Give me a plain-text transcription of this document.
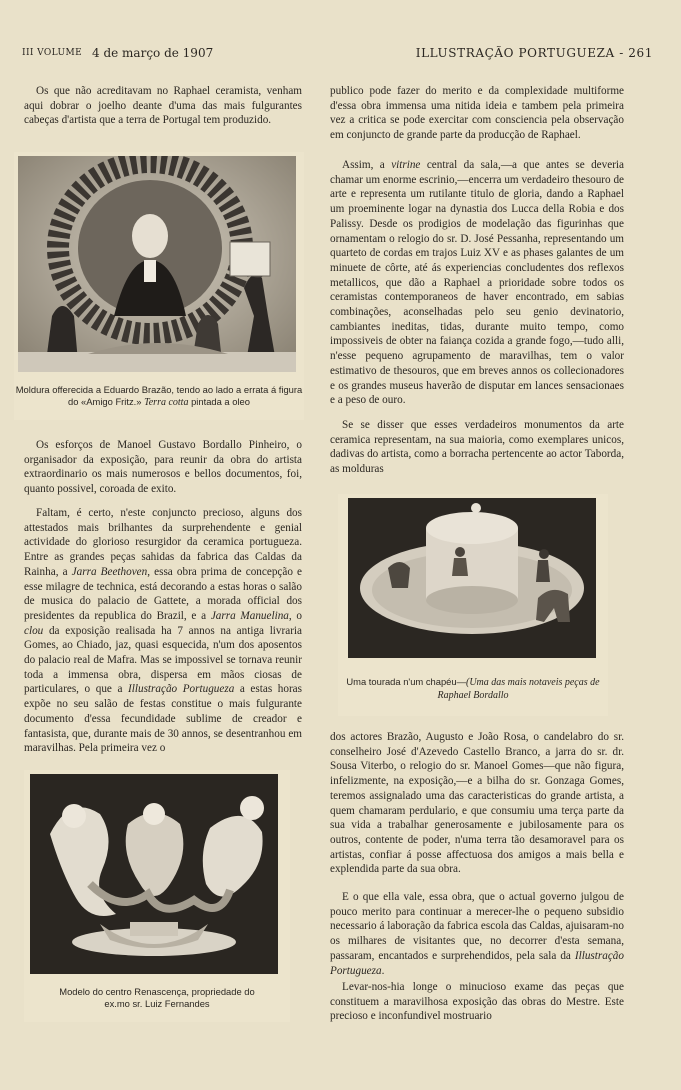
III VOLUME 4 de março de 1907	ILLUSTRAÇÃO PORTUGUEZA - 261

Os que não acreditavam no Raphael ceramista, venham aqui dobrar o joelho deante d'uma das mais fulgurantes cabeças d'artista que a terra de Portugal tem produzido.

Moldura offerecida a Eduardo Brazão, tendo ao lado a errata á figura do «Amigo Fritz.» Terra cotta pintada a oleo

Os esforços de Manoel Gustavo Bordallo Pinheiro, o organisador da exposição, para reunir da obra do artista extraordinario os mais numerosos e bellos documentos, foi, quanto possivel, coroada de exito.

Faltam, é certo, n'este conjuncto precioso, alguns dos attestados mais brilhantes da surprehendente e genial actividade do glorioso resurgidor da ceramica portugueza. Entre as grandes peças sahidas da fabrica das Caldas da Rainha, a Jarra Beethoven, essa obra prima de concepção e esse milagre de technica, está decorando a estas horas o salão de musica do palacio de Gattete, a morada official dos presidentes da republica do Brazil, e a Jarra Manuelina, o clou da exposição realisada ha 7 annos na antiga livraria Gomes, ao Chiado, jaz, quasi esquecida, n'um dos aposentos do palacio real de Mafra. Mas se impossivel se tornava reunir toda a immensa obra, dispersa em mãos ciosas de particulares, o que a Illustração Portugueza a estas horas expõe no seu salão de festas constitue o mais fulgurante documento d'essa fecundidade sublime de creador e fantasista, que, durante mais de 30 annos, se desentranhou em maravilhas. Pela primeira vez o

Modelo do centro Renascença, propriedade do
ex.mo sr. Luiz Fernandes

publico pode fazer do merito e da complexidade multiforme d'essa obra immensa uma nitida ideia e tambem pela primeira vez a critica se pode exercitar com consciencia pela observação em conjuncto de grande parte da producção de Raphael.

Assim, a vitrine central da sala,—a que antes se deveria chamar um enorme escrinio,—encerra um verdadeiro thesouro de arte e representa um rutilante titulo de gloria, dando a Raphael um proeminente logar na dynastia dos Lucca della Robia e dos Palissy. Desde os prodigios de modelação das figurinhas que ornamentam o relogio do sr. D. José Pessanha, representando um quarteto de cordas em trajos Luiz XV e as phases galantes de um minuete de côrte, até ás experiencias concludentes dos reflexos metallicos, que dão a Raphael a prioridade sobre todos os ceramistas contemporaneos de haver encontrado, em sabias combinações, aconselhadas pelo seu genio devinatorio, cambiantes ineditas, tidas, durante muito tempo, como impossiveis de obter na faiança cozida a grande fogo,—tudo alli, n'esse pequeno agrupamento de maravilhas, tem o valor estimativo de thesouros, que em breves annos os collecionadores e os grandes museus haverão de disputar em lances sensacionaes e a peso de ouro.

Se se disser que esses verdadeiros monumentos da arte ceramica representam, na sua maioria, como exemplares unicos, dadivas do artista, como a borracha pertencente ao actor Taborda, as molduras

Uma tourada n'um chapéu—(Uma das mais notaveis peças de Raphael Bordallo

dos actores Brazão, Augusto e João Rosa, o candelabro do sr. conselheiro José d'Azevedo Castello Branco, a jarra do sr. dr. Sousa Viterbo, o relogio do sr. Manoel Gomes—que não figura, infelizmente, na exposição,—e a bilha do sr. Gonzaga Gomes, teremos assignalado uma das caracteristicas do grande artista, a quem chamaram perdulario, e que consumiu uma terça parte da sua vida a trabalhar generosamente e jubilosamente para os outros, contente de poder, n'uma terra tão desamoravel para os artistas, confiar á posse affectuosa dos amigos a mais bella e explendida parte da sua obra.

E o que ella vale, essa obra, que o actual governo julgou de pouco merito para continuar a merecer-lhe o pequeno subsidio necessario á laboração da fabrica escola das Caldas, ajuisaram-no os milhares de visitantes que, no decorrer d'esta semana, passaram, encantados e surprehendidos, pela sala da Illustração Portugueza.

Levar-nos-hia longe o minucioso exame das peças que constituem a maravilhosa exposição das obras do Mestre. Este precioso e inconfundivel mostruario
